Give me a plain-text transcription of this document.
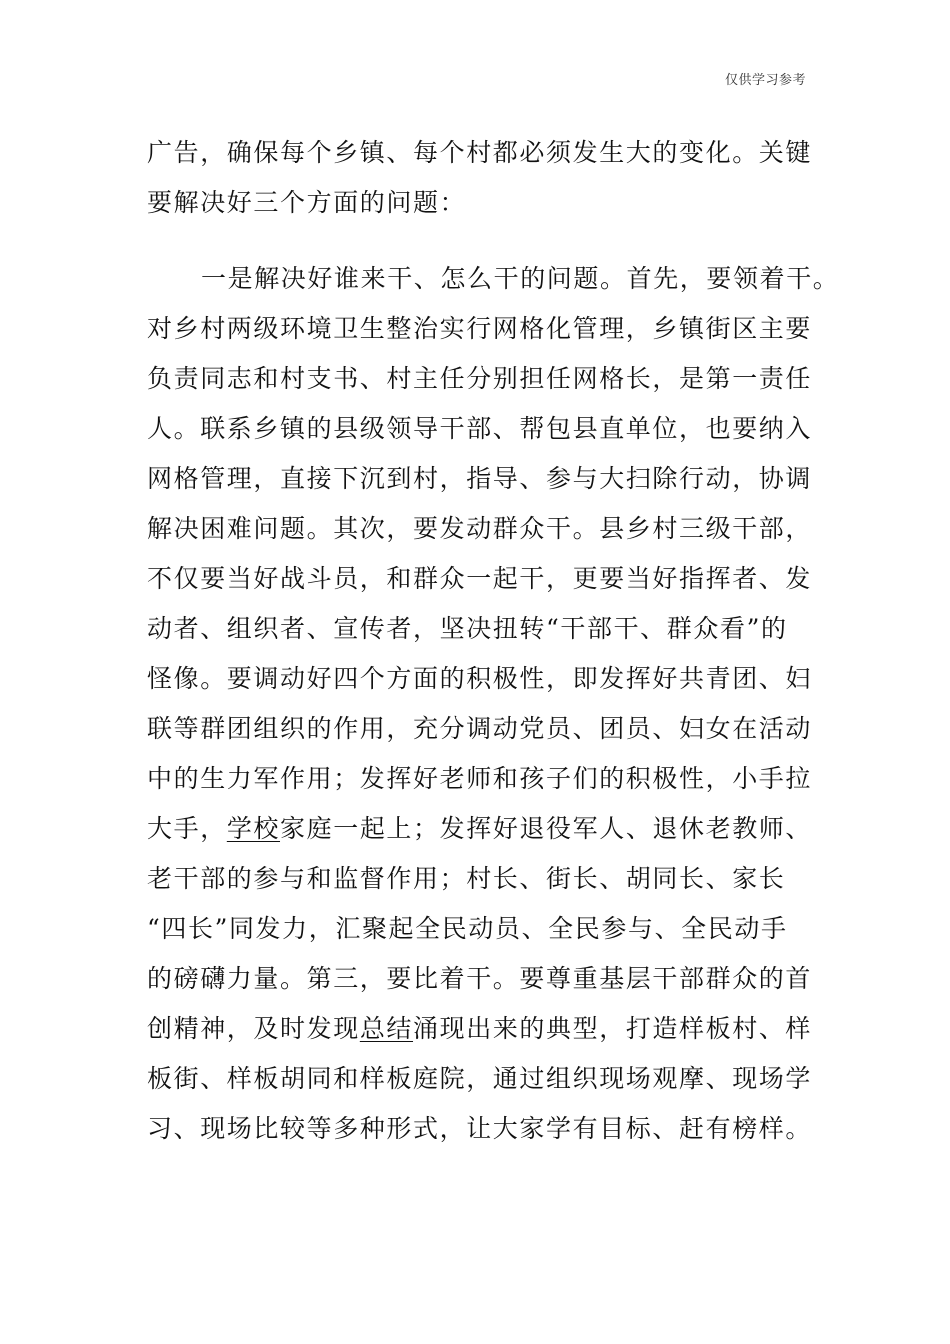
仅供学习参考
广告，确保每个乡镇、每个村都必须发生大的变化。关键
要解决好三个方面的问题：
一是解决好谁来干、怎么干的问题。首先，要领着干。
对乡村两级环境卫生整治实行网格化管理，乡镇街区主要
负责同志和村支书、村主任分别担任网格长，是第一责任
人。联系乡镇的县级领导干部、帮包县直单位，也要纳入
网格管理，直接下沉到村，指导、参与大扫除行动，协调
解决困难问题。其次，要发动群众干。县乡村三级干部，
不仅要当好战斗员，和群众一起干，更要当好指挥者、发
动者、组织者、宣传者，坚决扭转“干部干、群众看”的
怪像。要调动好四个方面的积极性，即发挥好共青团、妇
联等群团组织的作用，充分调动党员、团员、妇女在活动
中的生力军作用；发挥好老师和孩子们的积极性，小手拉
大手，学校家庭一起上；发挥好退役军人、退休老教师、
老干部的参与和监督作用；村长、街长、胡同长、家长
“四长”同发力，汇聚起全民动员、全民参与、全民动手
的磅礴力量。第三，要比着干。要尊重基层干部群众的首
创精神，及时发现总结涌现出来的典型，打造样板村、样
板街、样板胡同和样板庭院，通过组织现场观摩、现场学
习、现场比较等多种形式，让大家学有目标、赶有榜样。
